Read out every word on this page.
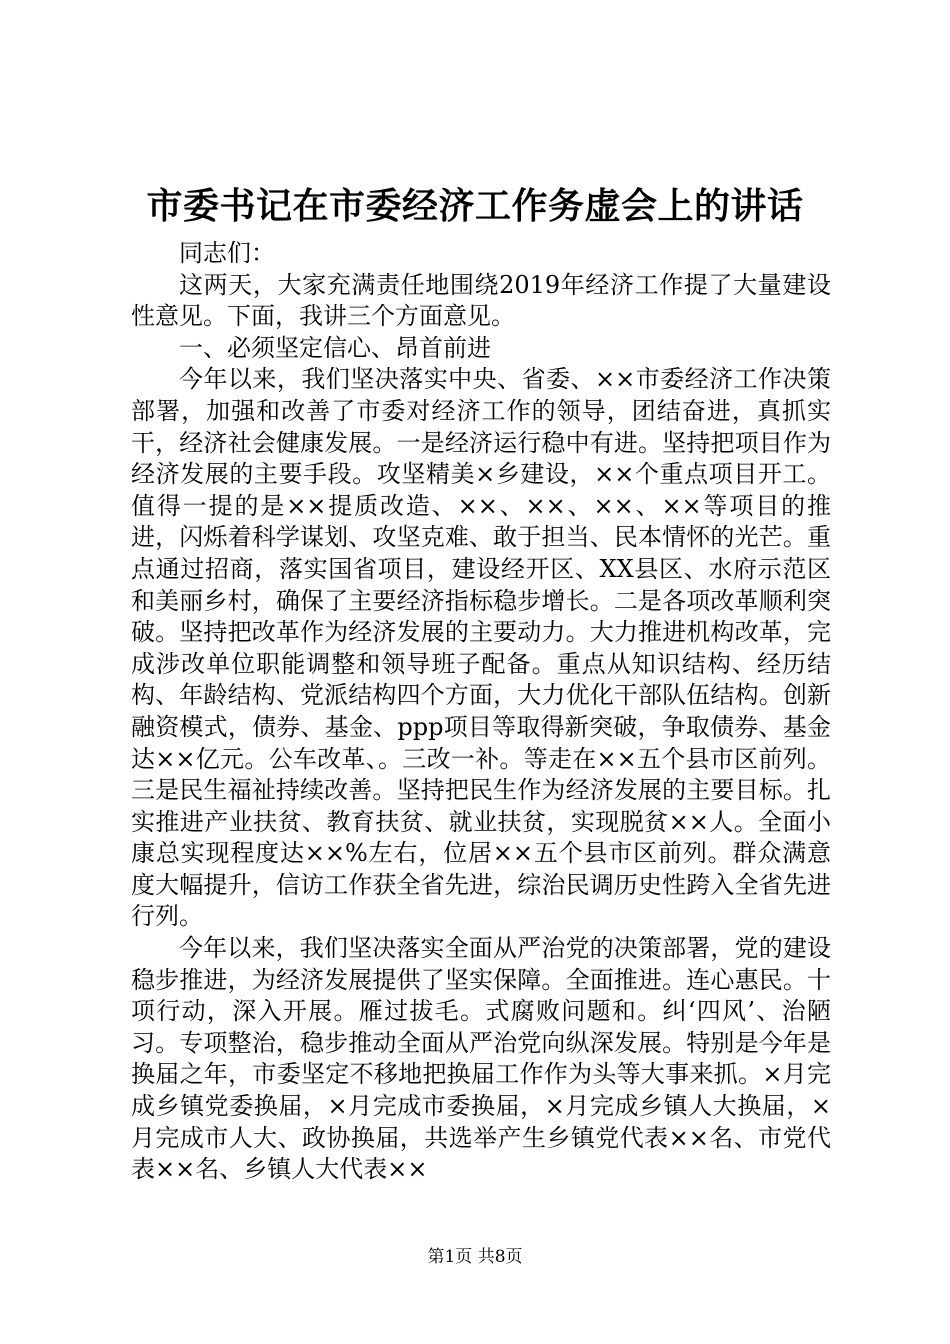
市委书记在市委经济工作务虚会上的讲话

同志们：

这两天，大家充满责任地围绕2019年经济工作提了大量建设性意见。下面，我讲三个方面意见。

一、必须坚定信心、昂首前进

今年以来，我们坚决落实中央、省委、××市委经济工作决策部署，加强和改善了市委对经济工作的领导，团结奋进，真抓实干，经济社会健康发展。一是经济运行稳中有进。坚持把项目作为经济发展的主要手段。攻坚精美×乡建设，××个重点项目开工。值得一提的是××提质改造、××、××、××、××等项目的推进，闪烁着科学谋划、攻坚克难、敢于担当、民本情怀的光芒。重点通过招商，落实国省项目，建设经开区、XX县区、水府示范区和美丽乡村，确保了主要经济指标稳步增长。二是各项改革顺利突破。坚持把改革作为经济发展的主要动力。大力推进机构改革，完成涉改单位职能调整和领导班子配备。重点从知识结构、经历结构、年龄结构、党派结构四个方面，大力优化干部队伍结构。创新融资模式，债券、基金、ppp项目等取得新突破，争取债券、基金达××亿元。公车改革、。三改一补。等走在××五个县市区前列。三是民生福祉持续改善。坚持把民生作为经济发展的主要目标。扎实推进产业扶贫、教育扶贫、就业扶贫，实现脱贫××人。全面小康总实现程度达××%左右，位居××五个县市区前列。群众满意度大幅提升，信访工作获全省先进，综治民调历史性跨入全省先进行列。

今年以来，我们坚决落实全面从严治党的决策部署，党的建设稳步推进，为经济发展提供了坚实保障。全面推进。连心惠民。十项行动，深入开展。雁过拔毛。式腐败问题和。纠‘四风’、治陋习。专项整治，稳步推动全面从严治党向纵深发展。特别是今年是换届之年，市委坚定不移地把换届工作作为头等大事来抓。×月完成乡镇党委换届，×月完成市委换届，×月完成乡镇人大换届，×月完成市人大、政协换届，共选举产生乡镇党代表××名、市党代表××名、乡镇人大代表××

第1页 共8页
